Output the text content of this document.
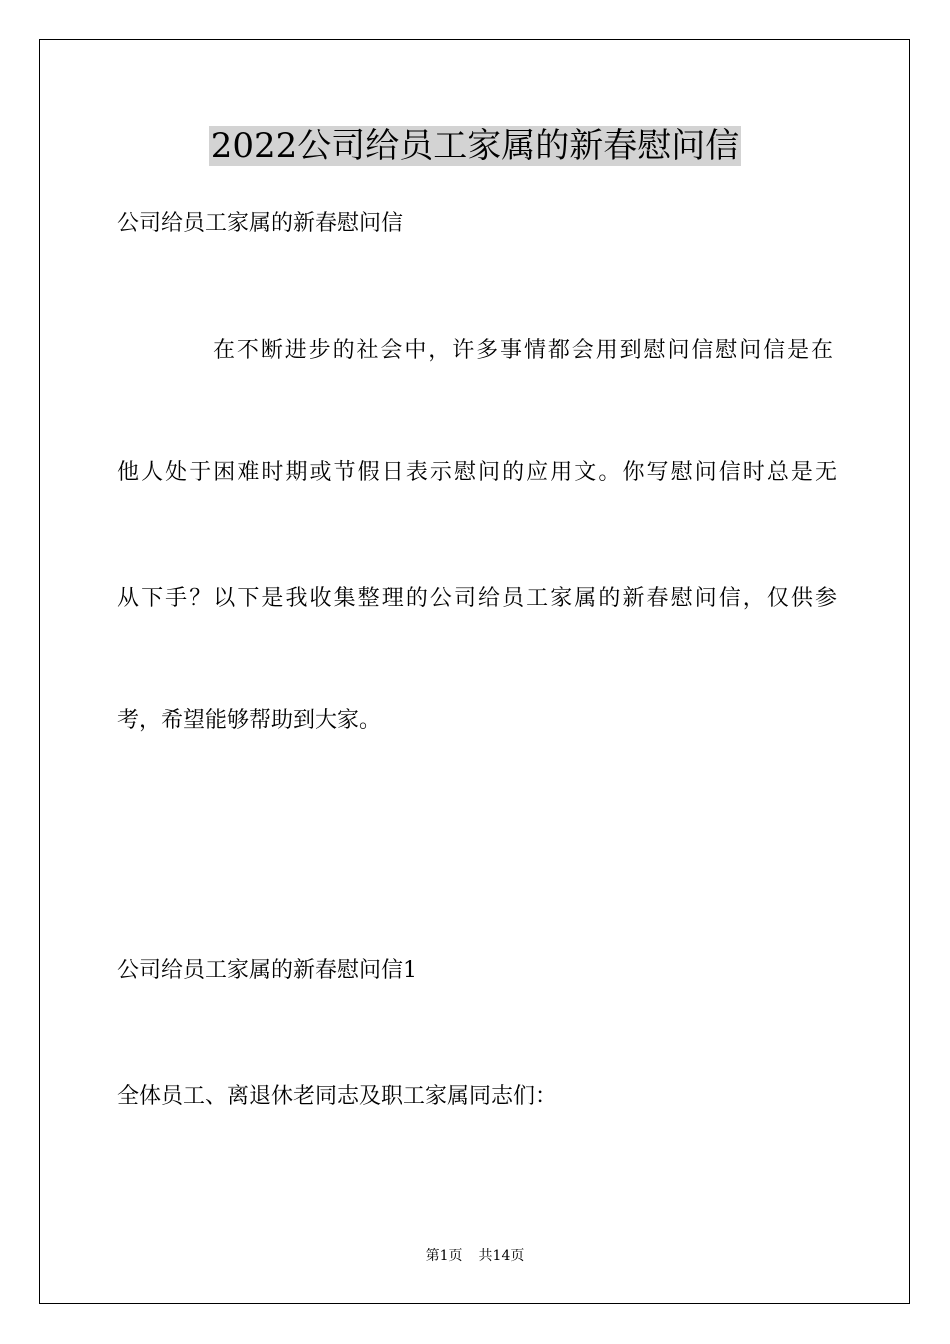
2022公司给员工家属的新春慰问信

公司给员工家属的新春慰问信

在不断进步的社会中，许多事情都会用到慰问信慰问信是在

他人处于困难时期或节假日表示慰问的应用文。你写慰问信时总是无

从下手？以下是我收集整理的公司给员工家属的新春慰问信，仅供参

考，希望能够帮助到大家。

公司给员工家属的新春慰问信1

全体员工、离退休老同志及职工家属同志们：

第1页 共14页
